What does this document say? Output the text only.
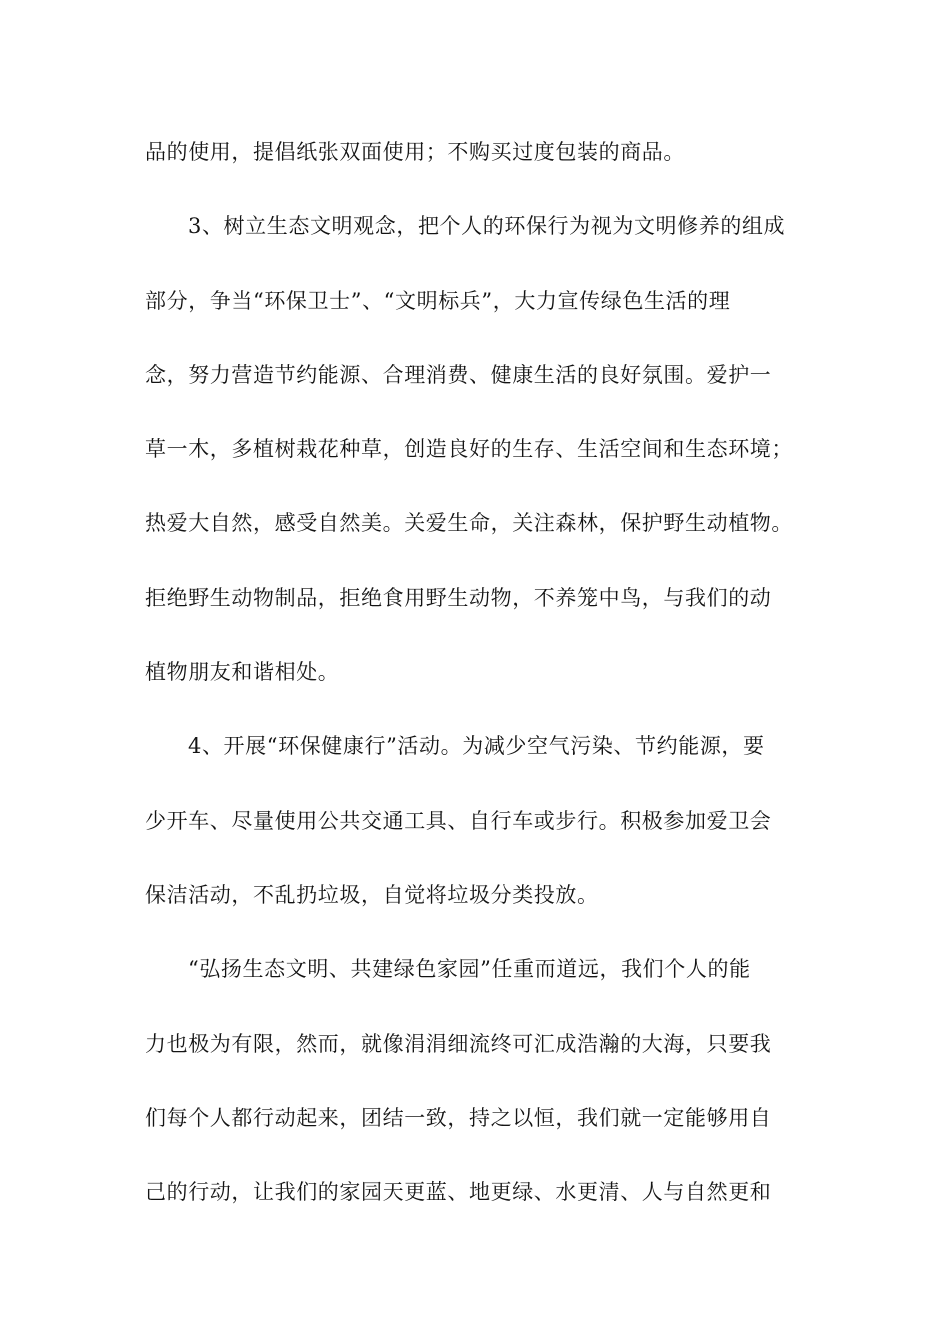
品的使用，提倡纸张双面使用；不购买过度包装的商品。
3、树立生态文明观念，把个人的环保行为视为文明修养的组成
部分，争当“环保卫士”、“文明标兵”，大力宣传绿色生活的理
念，努力营造节约能源、合理消费、健康生活的良好氛围。爱护一
草一木，多植树栽花种草，创造良好的生存、生活空间和生态环境；
热爱大自然，感受自然美。关爱生命，关注森林，保护野生动植物。
拒绝野生动物制品，拒绝食用野生动物，不养笼中鸟，与我们的动
植物朋友和谐相处。
4、开展“环保健康行”活动。为减少空气污染、节约能源，要
少开车、尽量使用公共交通工具、自行车或步行。积极参加爱卫会
保洁活动，不乱扔垃圾，自觉将垃圾分类投放。
“弘扬生态文明、共建绿色家园”任重而道远，我们个人的能
力也极为有限，然而，就像涓涓细流终可汇成浩瀚的大海，只要我
们每个人都行动起来，团结一致，持之以恒，我们就一定能够用自
己的行动，让我们的家园天更蓝、地更绿、水更清、人与自然更和
